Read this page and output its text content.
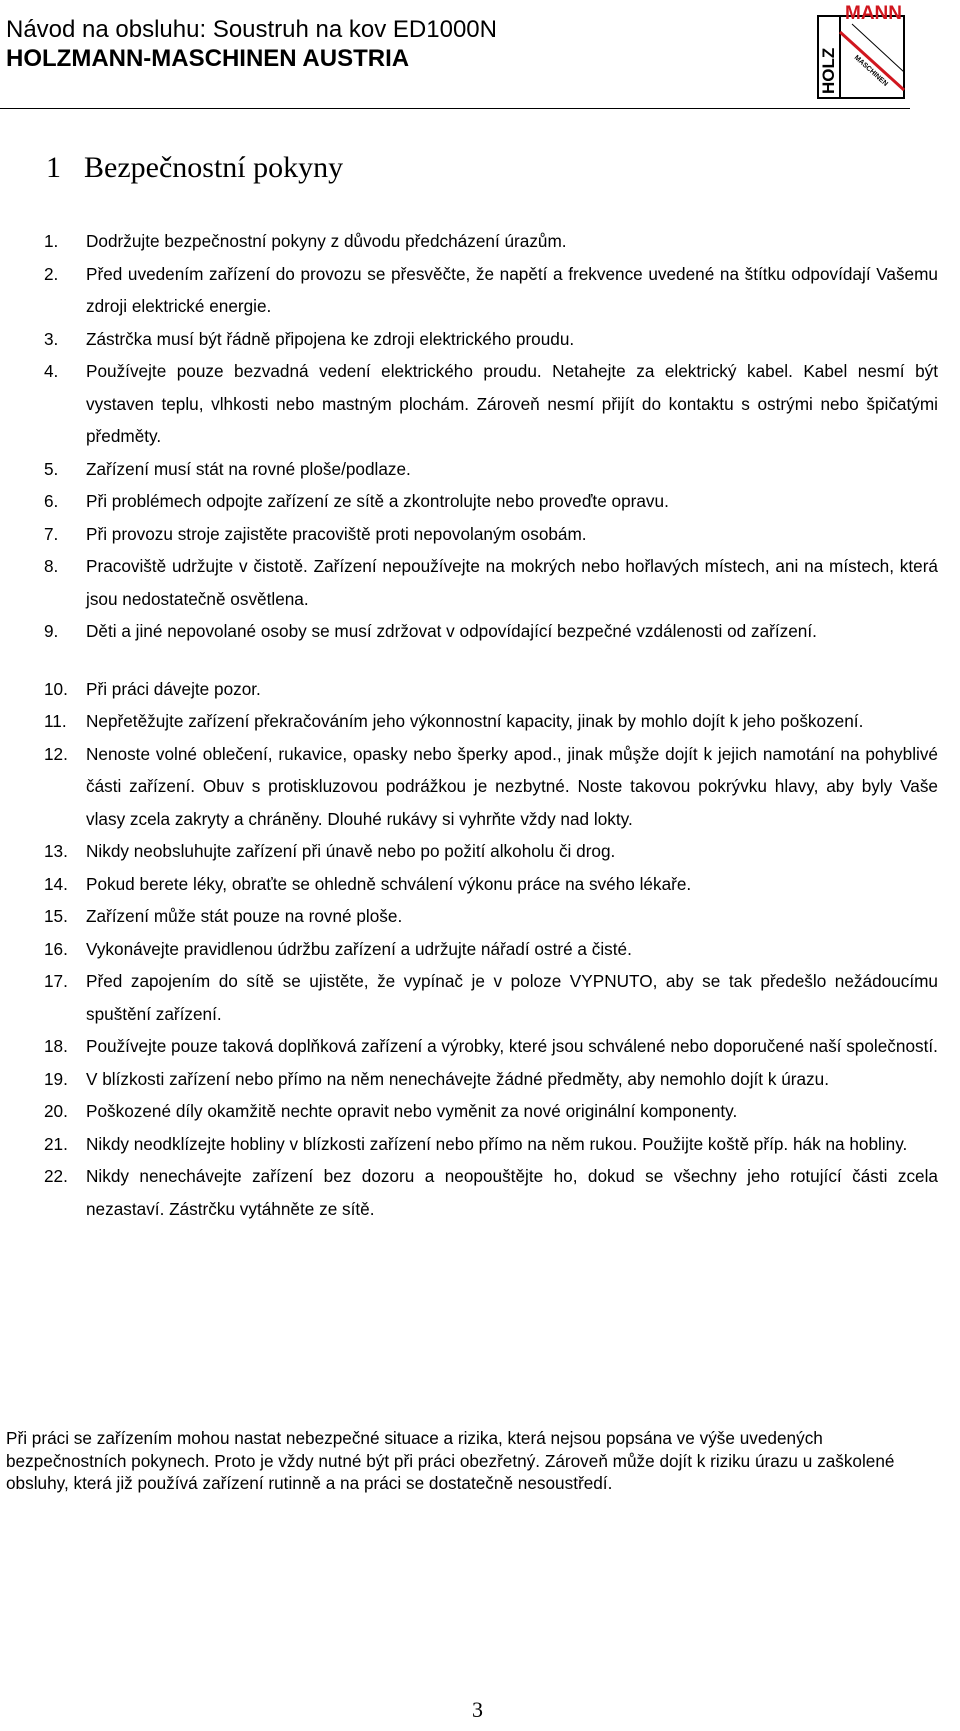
Návod na obsluhu: Soustruh na kov ED1000N
HOLZMANN-MASCHINEN AUSTRIA	HOLZ
MANN
MASCHINEN
1 Bezpečnostní pokyny
1. Dodržujte bezpečnostní pokyny z důvodu předcházení úrazům.
2. Před uvedením zařízení do provozu se přesvěčte, že napětí a frekvence uvedené na štítku odpovídají Vašemu zdroji elektrické energie.
3. Zástrčka musí být řádně připojena ke zdroji elektrického proudu.
4. Používejte pouze bezvadná vedení elektrického proudu. Netahejte za elektrický kabel. Kabel nesmí být vystaven teplu, vlhkosti nebo mastným plochám. Zároveň nesmí přijít do kontaktu s ostrými nebo špičatými předměty.
5. Zařízení musí stát na rovné ploše/podlaze.
6. Při problémech odpojte zařízení ze sítě a zkontrolujte nebo proveďte opravu.
7. Při provozu stroje zajistěte pracoviště proti nepovolaným osobám.
8. Pracoviště udržujte v čistotě. Zařízení nepoužívejte na mokrých nebo hořlavých místech, ani na místech, která jsou nedostatečně osvětlena.
9. Děti a jiné nepovolané osoby se musí zdržovat v odpovídající bezpečné vzdálenosti od zařízení.
10. Při práci dávejte pozor.
11. Nepřetěžujte zařízení překračováním jeho výkonnostní kapacity, jinak by mohlo dojít k jeho poškození.
12. Nenoste volné oblečení, rukavice, opasky nebo šperky apod., jinak můşže dojít k jejich namotání na pohyblivé části zařízení. Obuv s protiskluzovou podrážkou je nezbytné. Noste takovou pokrývku hlavy, aby byly Vaše vlasy zcela zakryty a chráněny. Dlouhé rukávy si vyhrňte vždy nad lokty.
13. Nikdy neobsluhujte zařízení při únavě nebo po požití alkoholu či drog.
14. Pokud berete léky, obraťte se ohledně schválení výkonu práce na svého lékaře.
15. Zařízení může stát pouze na rovné ploše.
16. Vykonávejte pravidlenou údržbu zařízení a udržujte nářadí ostré a čisté.
17. Před zapojením do sítě se ujistěte, že vypínač je v poloze VYPNUTO, aby se tak předešlo nežádoucímu spuštění zařízení.
18. Používejte pouze taková doplňková zařízení a výrobky, které jsou schválené nebo doporučené naší společností.
19. V blízkosti zařízení nebo přímo na něm nenechávejte žádné předměty, aby nemohlo dojít k úrazu.
20. Poškozené díly okamžitě nechte opravit nebo vyměnit za nové originální komponenty.
21. Nikdy neodklízejte hobliny v blízkosti zařízení nebo přímo na něm rukou. Použijte koště příp. hák na hobliny.
22. Nikdy nenechávejte zařízení bez dozoru a neopouštějte ho, dokud se všechny jeho rotující části zcela nezastaví. Zástrčku vytáhněte ze sítě.

Při práci se zařízením mohou nastat nebezpečné situace a rizika, která nejsou popsána ve výše uvedených bezpečnostních pokynech. Proto je vždy nutné být při práci obezřetný. Zároveň může dojít k riziku úrazu u zaškolené obsluhy, která již používá zařízení rutinně a na práci se dostatečně nesoustředí.

3
